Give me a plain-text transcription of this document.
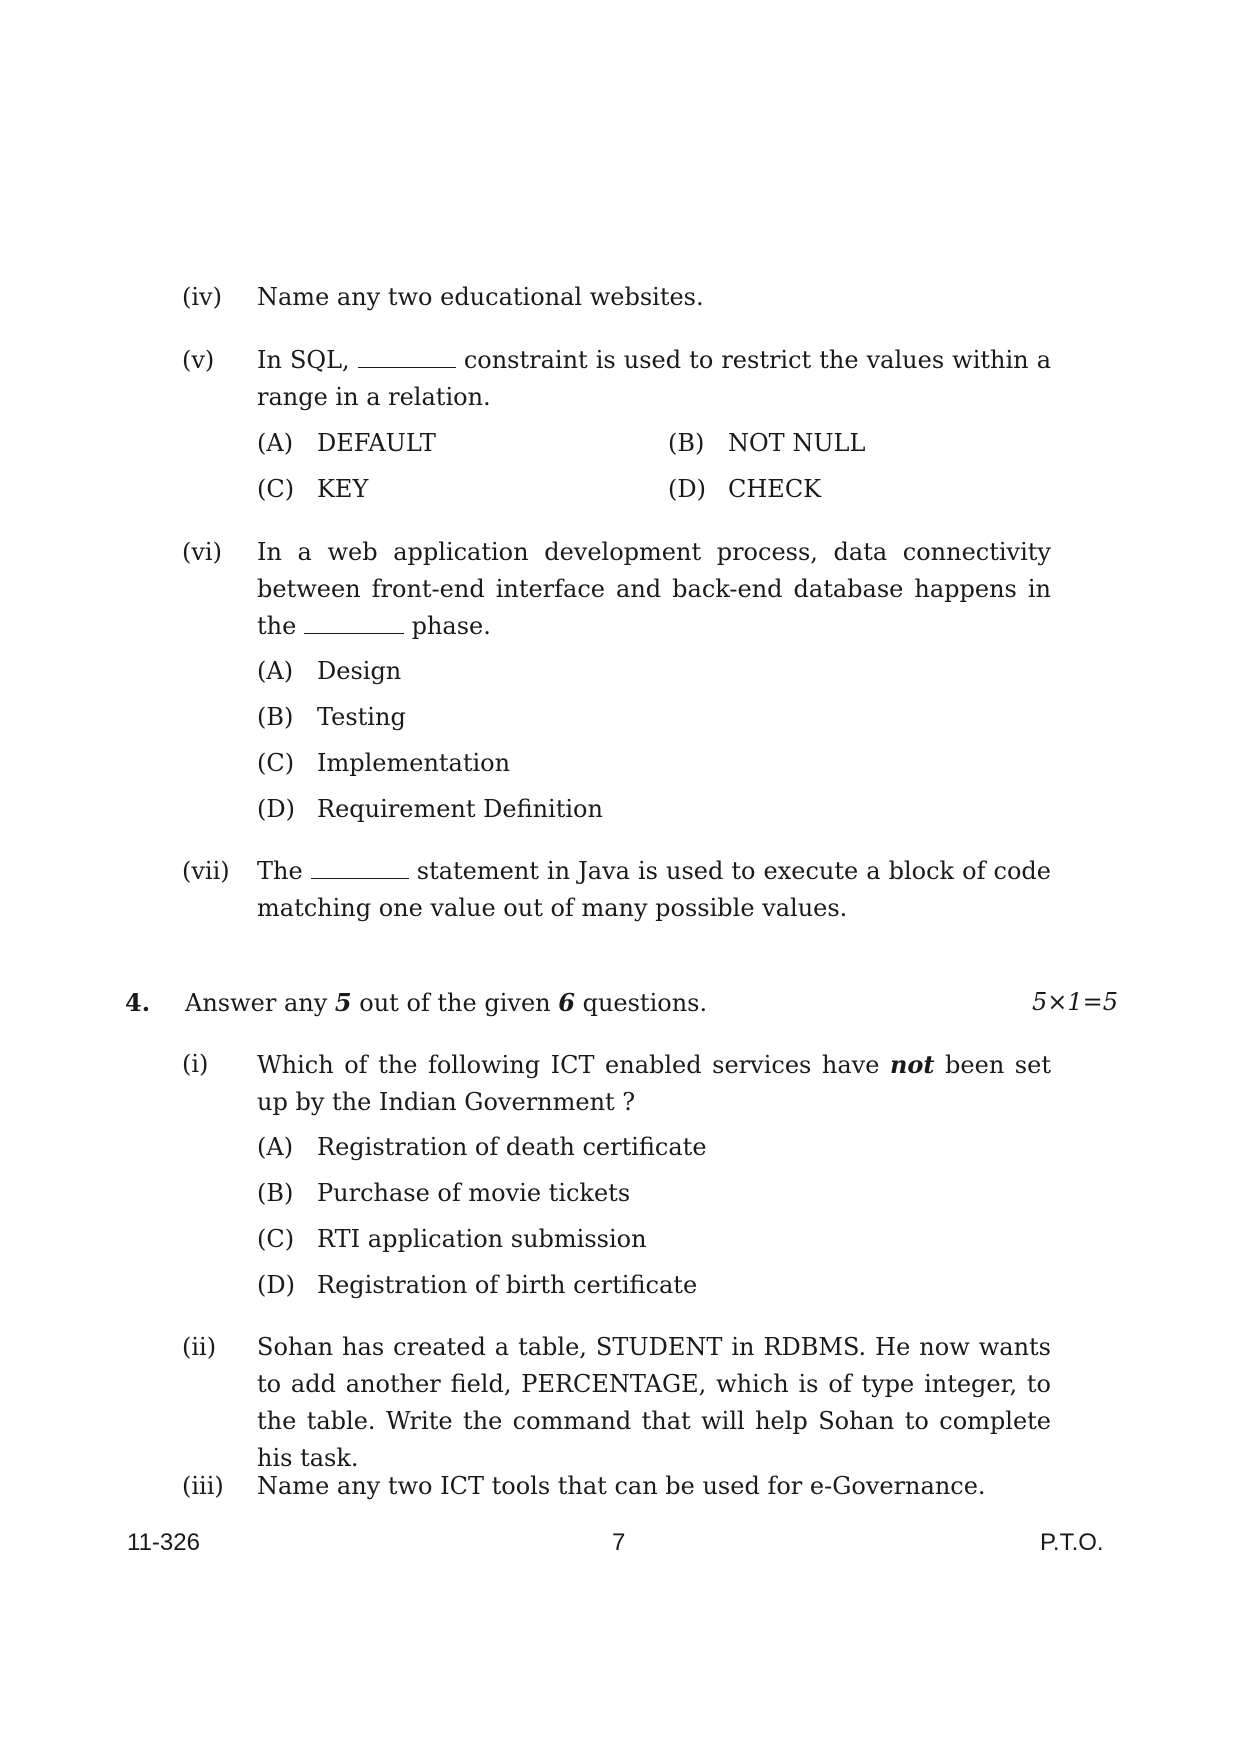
(iv) Name any two educational websites.
(v) In SQL,	constraint is used to restrict the values within a range in a relation.
(A) DEFAULT	(B) NOT NULL
(C) KEY	(D) CHECK
(vi) In a web application development process, data connectivity between front-end interface and back-end database happens in the	phase.
(A) Design
(B) Testing
(C) Implementation
(D) Requirement Definition
(vii) The	statement in Java is used to execute a block of code matching one value out of many possible values.
4. Answer any 5 out of the given 6 questions.	5×1=5
(i) Which of the following ICT enabled services have not been set up by the Indian Government ?
(A) Registration of death certificate
(B) Purchase of movie tickets
(C) RTI application submission
(D) Registration of birth certificate
(ii) Sohan has created a table, STUDENT in RDBMS. He now wants to add another field, PERCENTAGE, which is of type integer, to the table. Write the command that will help Sohan to complete his task.
(iii) Name any two ICT tools that can be used for e-Governance.
11-326	7	P.T.O.
